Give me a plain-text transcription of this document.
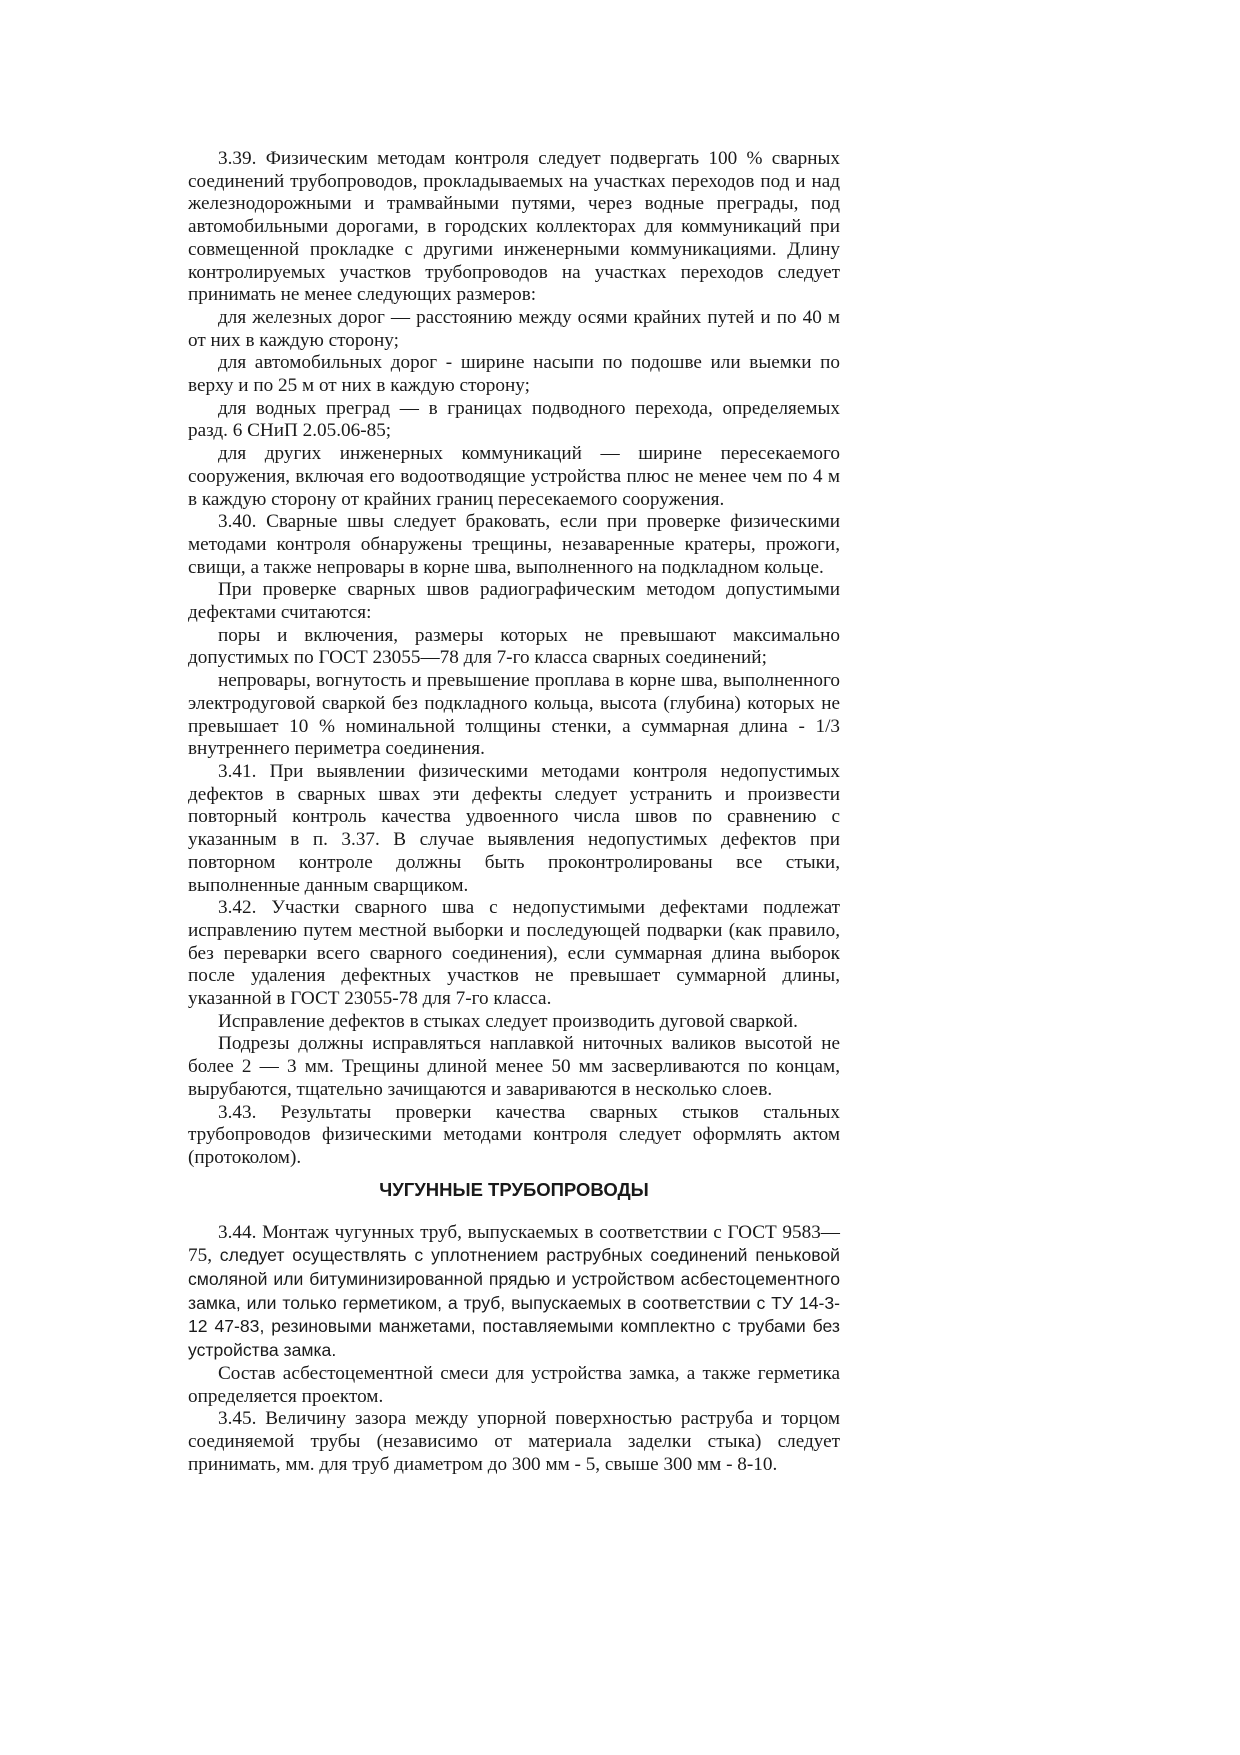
3.39. Физическим методам контроля следует подвергать 100 % сварных соединений трубопроводов, прокладываемых на участках переходов под и над железнодорожными и трамвайными путями, через водные преграды, под автомобильными дорогами, в городских коллекторах для коммуникаций при совмещенной прокладке с другими инженерными коммуникациями. Длину контролируемых участков трубопроводов на участках переходов следует принимать не менее следующих размеров:

для железных дорог — расстоянию между осями крайних путей и по 40 м от них в каждую сторону;

для автомобильных дорог - ширине насыпи по подошве или выемки по верху и по 25 м от них в каждую сторону;

для водных преград — в границах подводного перехода, определяемых разд. 6 СНиП 2.05.06-85;

для других инженерных коммуникаций — ширине пересекаемого сооружения, включая его водоотводящие устройства плюс не менее чем по 4 м в каждую сторону от крайних границ пересекаемого сооружения.

3.40. Сварные швы следует браковать, если при проверке физическими методами контроля обнаружены трещины, незаваренные кратеры, прожоги, свищи, а также непровары в корне шва, выполненного на подкладном кольце.

При проверке сварных швов радиографическим методом допустимыми дефектами считаются:

поры и включения, размеры которых не превышают максимально допустимых по ГОСТ 23055—78 для 7-го класса сварных соединений;

непровары, вогнутость и превышение проплава в корне шва, выполненного электродуговой сваркой без подкладного кольца, высота (глубина) которых не превышает 10 % номинальной толщины стенки, а суммарная длина - 1/3 внутреннего периметра соединения.

3.41. При выявлении физическими методами контроля недопустимых дефектов в сварных швах эти дефекты следует устранить и произвести повторный контроль качества удвоенного числа швов по сравнению с указанным в п. 3.37. В случае выявления недопустимых дефектов при повторном контроле должны быть проконтролированы все стыки, выполненные данным сварщиком.

3.42. Участки сварного шва с недопустимыми дефектами подлежат исправлению путем местной выборки и последующей подварки (как правило, без переварки всего сварного соединения), если суммарная длина выборок после удаления дефектных участков не превышает суммарной длины, указанной в ГОСТ 23055-78 для 7-го класса.

Исправление дефектов в стыках следует производить дуговой сваркой.

Подрезы должны исправляться наплавкой ниточных валиков высотой не более 2 — 3 мм. Трещины длиной менее 50 мм засверливаются по концам, вырубаются, тщательно зачищаются и завариваются в несколько слоев.

3.43. Результаты проверки качества сварных стыков стальных трубопроводов физическими методами контроля следует оформлять актом (протоколом).

ЧУГУННЫЕ ТРУБОПРОВОДЫ

3.44. Монтаж чугунных труб, выпускаемых в соответствии с ГОСТ 9583—75, следует осуществлять с уплотнением раструбных соединений пеньковой смоляной или битуминизированной прядью и устройством асбестоцементного замка, или только герметиком, а труб, выпускаемых в соответствии с ТУ 14-3-12 47-83, резиновыми манжетами, поставляемыми комплектно с трубами без устройства замка.

Состав асбестоцементной смеси для устройства замка, а также герметика определяется проектом.

3.45. Величину зазора между упорной поверхностью раструба и торцом соединяемой трубы (независимо от материала заделки стыка) следует принимать, мм. для труб диаметром до 300 мм - 5, свыше 300 мм - 8-10.
